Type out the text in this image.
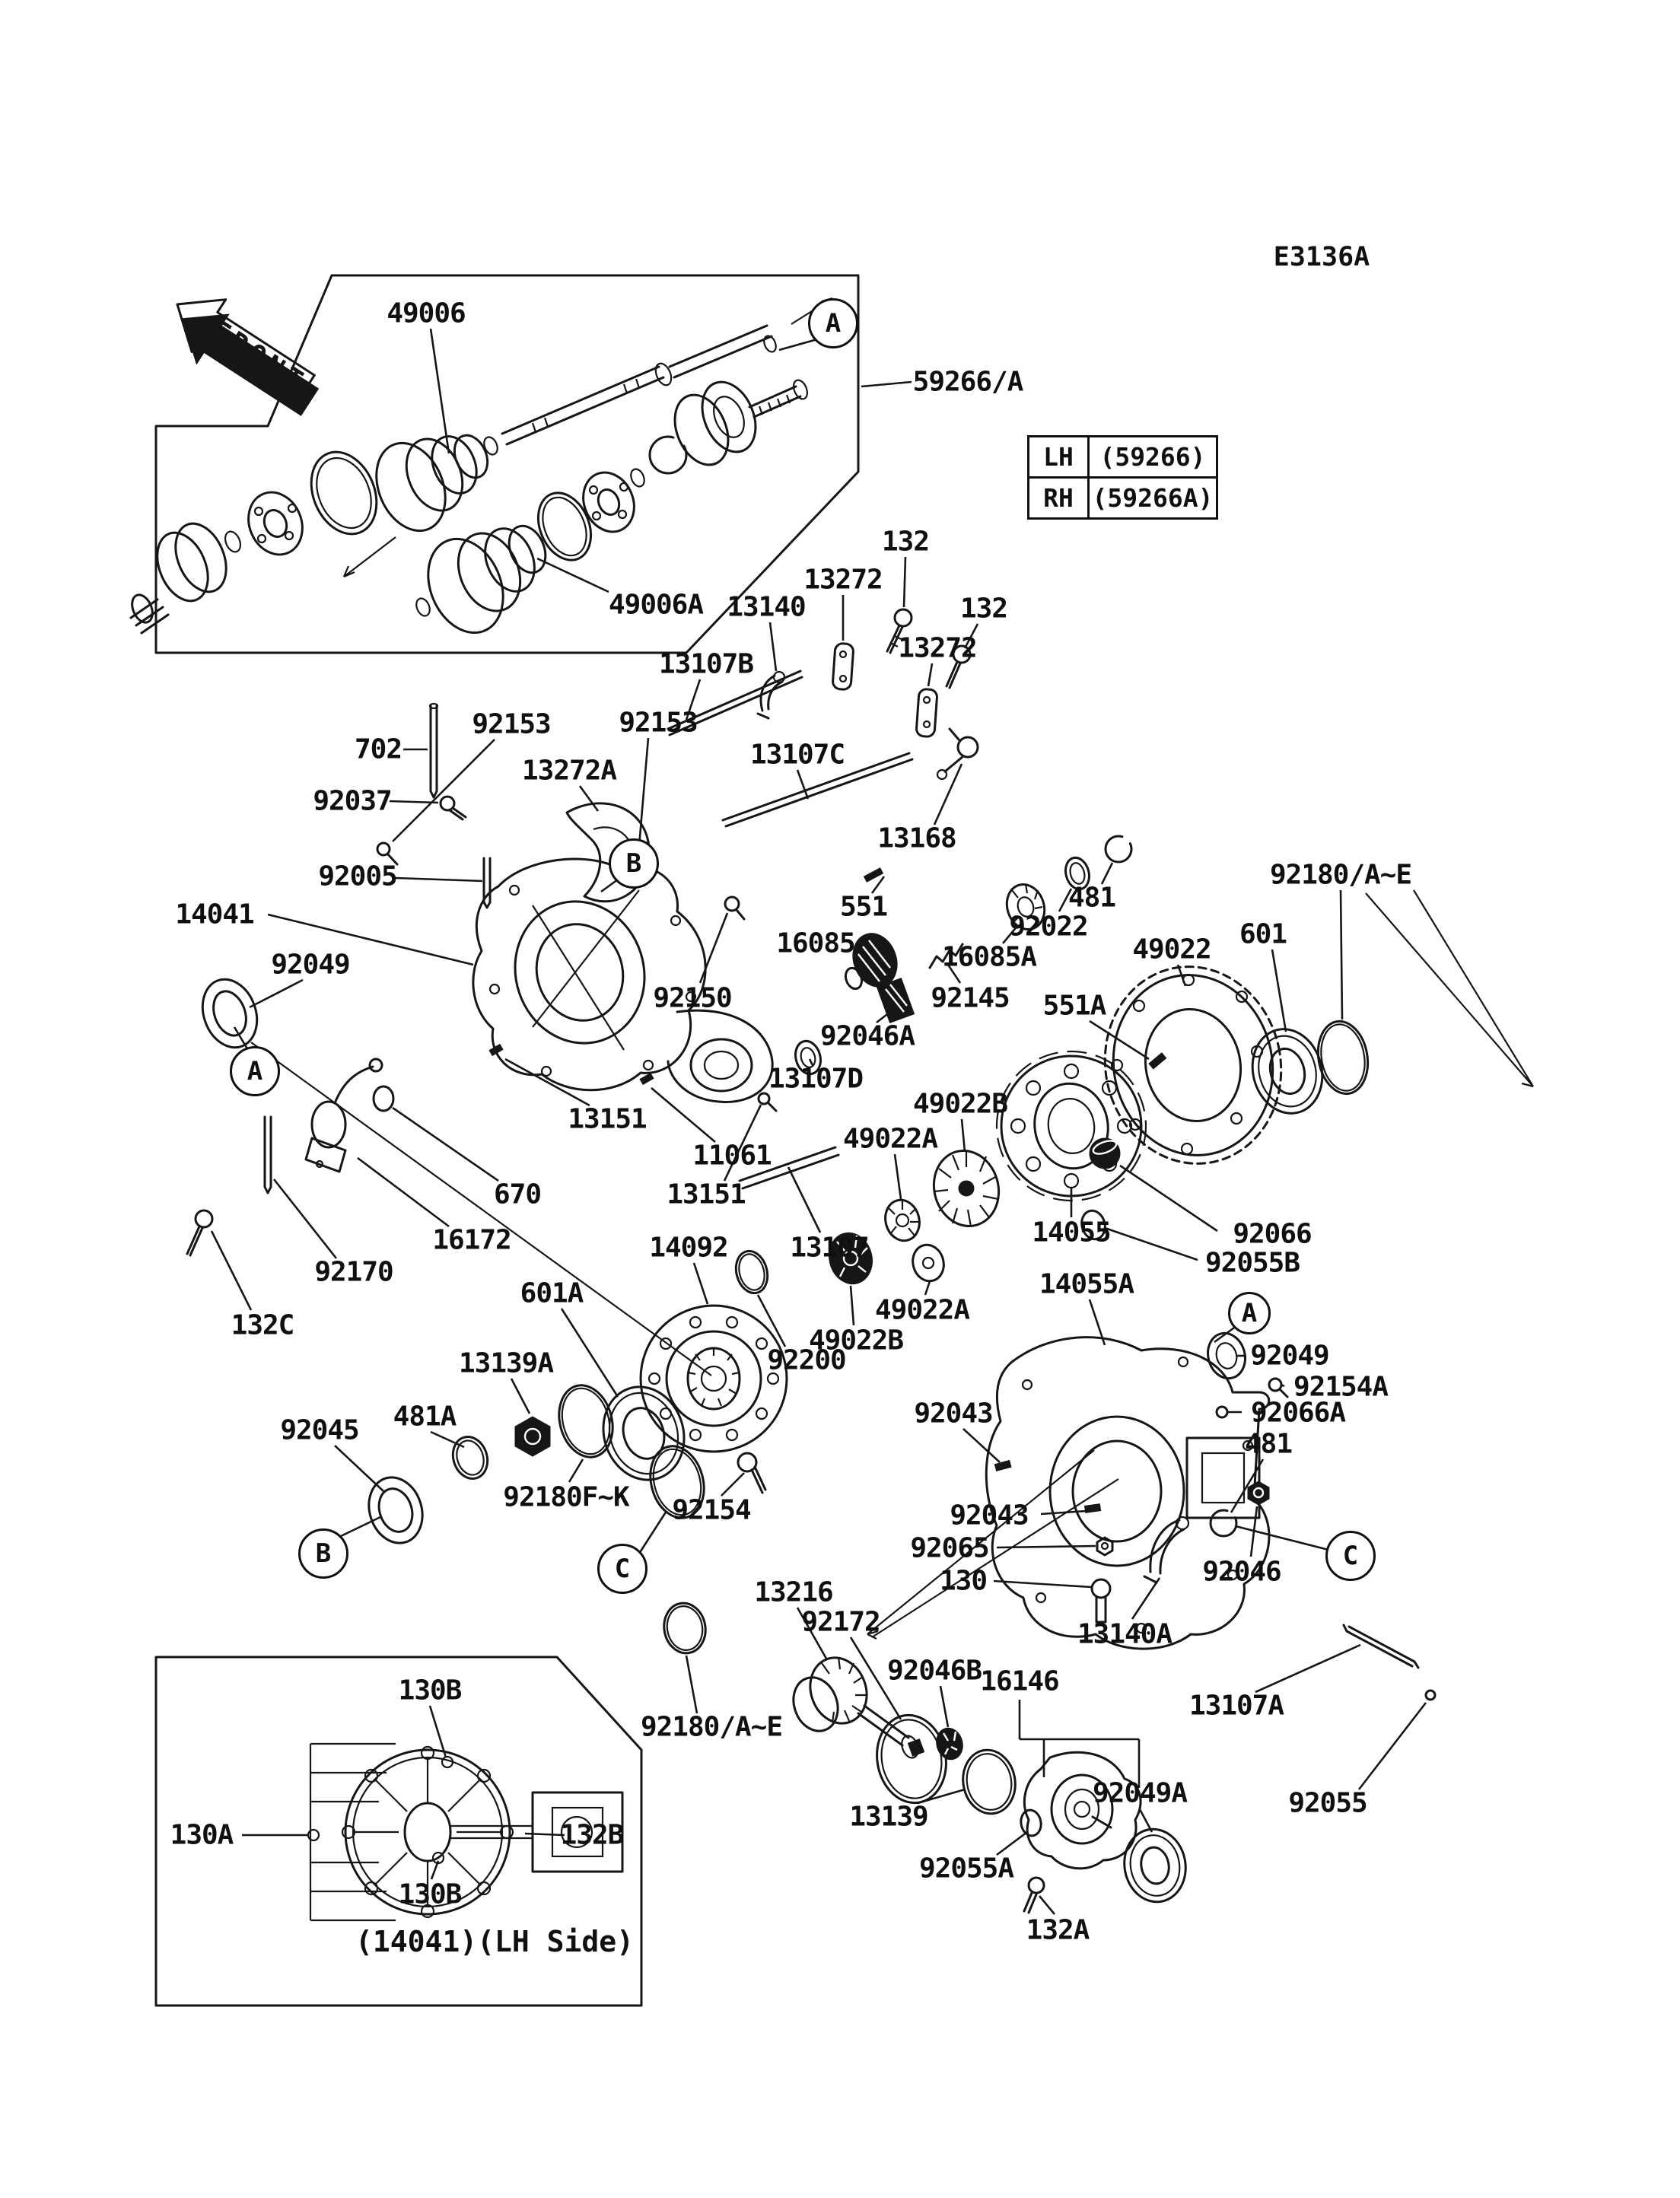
FRONT
E3136A
LH	(59266)
RH (59266A)
(14041)(LH Side)
49006
59266/A
49006A
132
13272
13140	132
13272
13107B
92153 92153
702
13272A
92037
13107C
92005
14041
92049
13151
11061
13151
670
16172
92170
132C
13168
551
16085
92150	92145
92046A
13107D
16085A
92022
481
551A
49022 601
92180/A~E
92066
92055B
14055
14055A
49022B
49022A
49022A
49022B
13107
14092
92200
601A
13139A
481A
92045
92180F~K 92154
92043
92043
92065
130
13140A
92049
92154A
92066A
481
92046
13107A
92055
13216
92172
92180/A~E
92046B
13139
92055A
16146
92049A
132A
130B
130A	132B
130B
A
B
A
A
B	C	C
